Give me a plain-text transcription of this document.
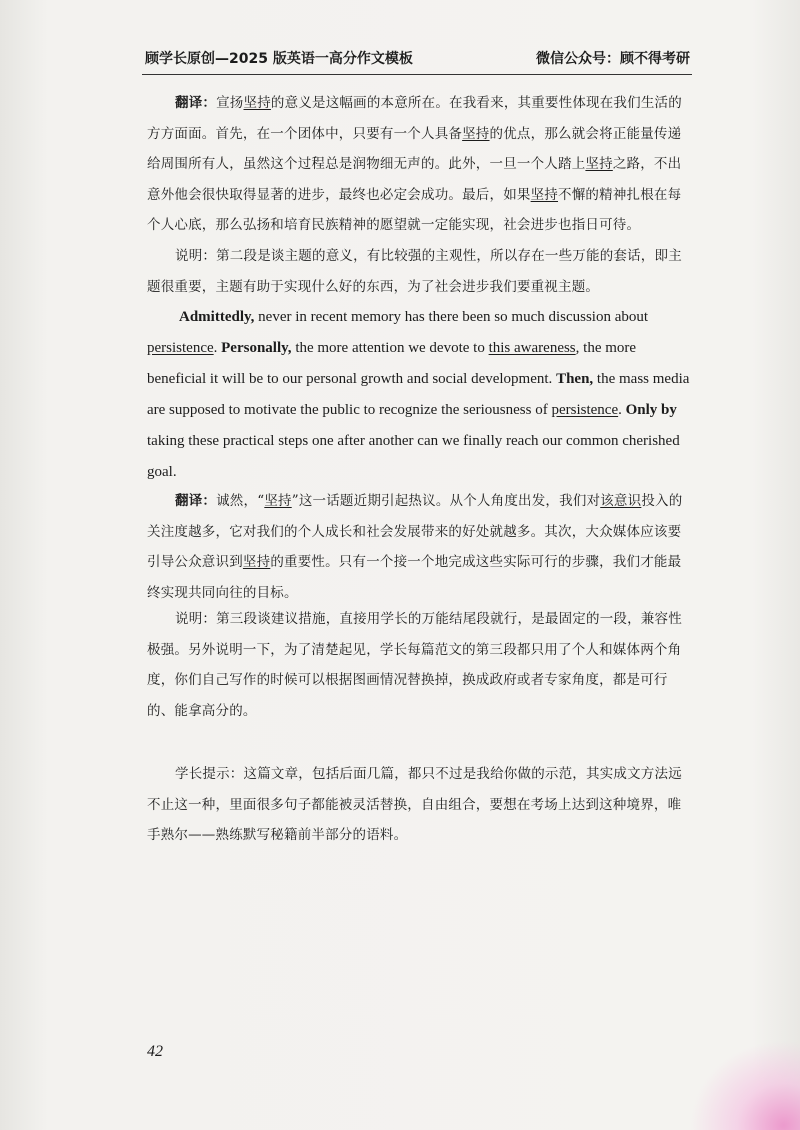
顾学长原创—2025 版英语一高分作文模板	微信公众号：顾不得考研

翻译：宣扬坚持的意义是这幅画的本意所在。在我看来，其重要性体现在我们生活的方方面面。首先，在一个团体中，只要有一个人具备坚持的优点，那么就会将正能量传递给周围所有人，虽然这个过程总是润物细无声的。此外，一旦一个人踏上坚持之路，不出意外他会很快取得显著的进步，最终也必定会成功。最后，如果坚持不懈的精神扎根在每个人心底，那么弘扬和培育民族精神的愿望就一定能实现，社会进步也指日可待。

说明：第二段是谈主题的意义，有比较强的主观性，所以存在一些万能的套话，即主题很重要，主题有助于实现什么好的东西，为了社会进步我们要重视主题。

Admittedly, never in recent memory has there been so much discussion about persistence. Personally, the more attention we devote to this awareness, the more beneficial it will be to our personal growth and social development. Then, the mass media are supposed to motivate the public to recognize the seriousness of persistence. Only by taking these practical steps one after another can we finally reach our common cherished goal.

翻译：诚然，“坚持”这一话题近期引起热议。从个人角度出发，我们对该意识投入的关注度越多，它对我们的个人成长和社会发展带来的好处就越多。其次，大众媒体应该要引导公众意识到坚持的重要性。只有一个接一个地完成这些实际可行的步骤，我们才能最终实现共同向往的目标。

说明：第三段谈建议措施，直接用学长的万能结尾段就行，是最固定的一段，兼容性极强。另外说明一下，为了清楚起见，学长每篇范文的第三段都只用了个人和媒体两个角度，你们自己写作的时候可以根据图画情况替换掉，换成政府或者专家角度，都是可行的、能拿高分的。

学长提示：这篇文章，包括后面几篇，都只不过是我给你做的示范，其实成文方法远不止这一种，里面很多句子都能被灵活替换，自由组合，要想在考场上达到这种境界，唯手熟尔——熟练默写秘籍前半部分的语料。

42
